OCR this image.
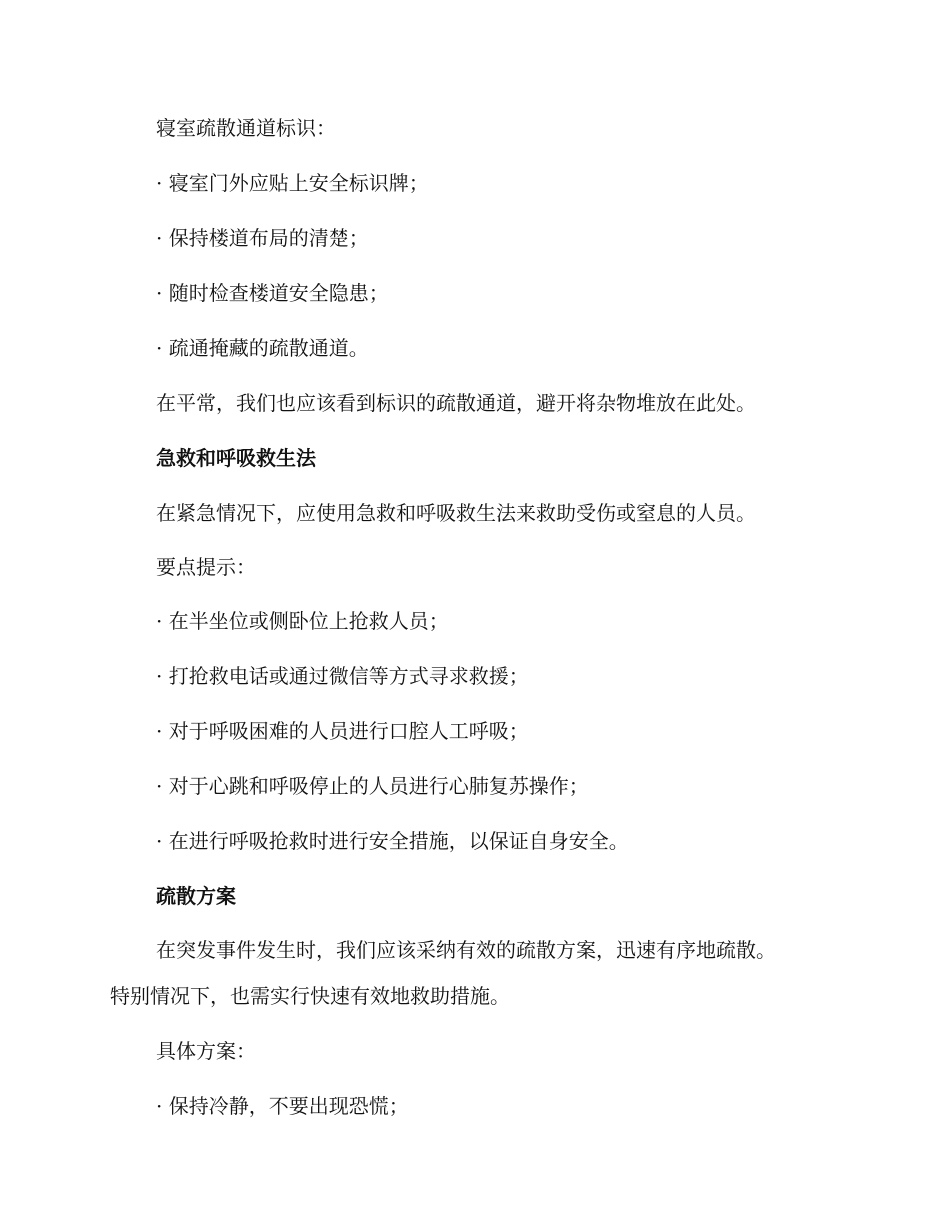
寝室疏散通道标识：
· 寝室门外应贴上安全标识牌；
· 保持楼道布局的清楚；
· 随时检查楼道安全隐患；
· 疏通掩藏的疏散通道。
在平常，我们也应该看到标识的疏散通道，避开将杂物堆放在此处。
急救和呼吸救生法
在紧急情况下，应使用急救和呼吸救生法来救助受伤或窒息的人员。
要点提示：
· 在半坐位或侧卧位上抢救人员；
· 打抢救电话或通过微信等方式寻求救援；
· 对于呼吸困难的人员进行口腔人工呼吸；
· 对于心跳和呼吸停止的人员进行心肺复苏操作；
· 在进行呼吸抢救时进行安全措施，以保证自身安全。
疏散方案
在突发事件发生时，我们应该采纳有效的疏散方案，迅速有序地疏散。
特别情况下，也需实行快速有效地救助措施。
具体方案：
· 保持冷静，不要出现恐慌；
